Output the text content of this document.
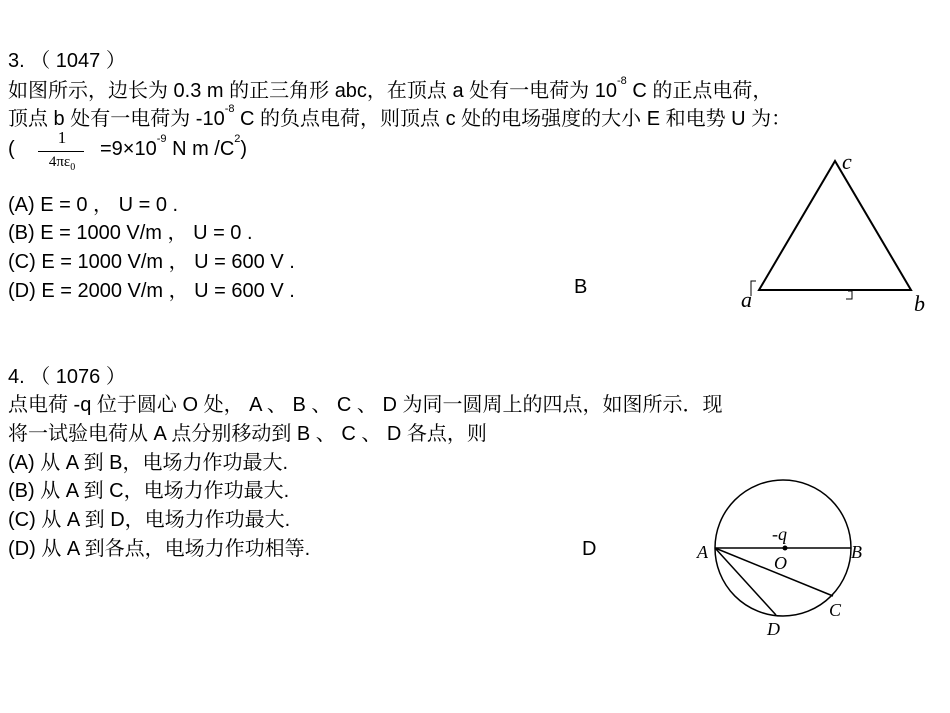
3. （ 1047 ）
如图所示，边长为 0.3 m 的正三角形 abc，在顶点 a 处有一电荷为 $10^{-8}$ C 的正点电荷，
顶点 b 处有一电荷为 $-10^{-8}$ C 的负点电荷，则顶点 c 处的电场强度的大小 E 和电势 U 为：
(
1
$4\pi\varepsilon_0$
$=9\times 10^{-9}$ N m $/C^2$)
(A) E = 0 ， U = 0 .
(B) E = 1000 V/m ， U = 0 .
(C) E = 1000 V/m ， U = 600 V .
(D) E = 2000 V/m ， U = 600 V .	B
4. （ 1076 ）
点电荷 -q 位于圆心 O 处， A 、 B 、 C 、 D 为同一圆周上的四点，如图所示．现
将一试验电荷从 A 点分别移动到 B 、 C 、 D 各点，则
(A) 从 A 到 B，电场力作功最大.
(B) 从 A 到 C，电场力作功最大.
(C) 从 A 到 D，电场力作功最大.
(D) 从 A 到各点，电场力作功相等.	D
a	b
c
-q
O
A	B
C
D
